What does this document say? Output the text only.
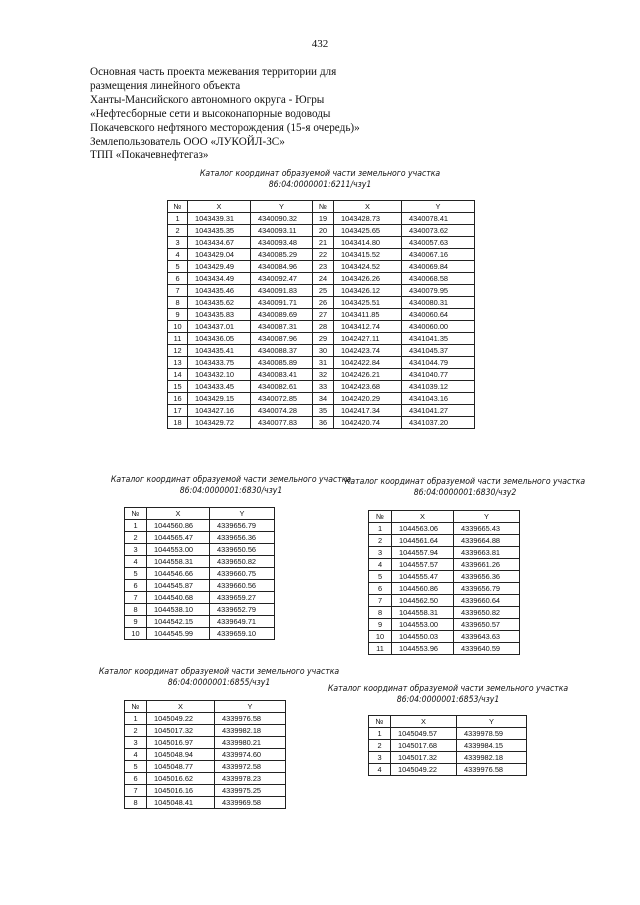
432
Основная часть проекта межевания территории для
размещения линейного объекта
Ханты-Мансийского автономного округа - Югры
«Нефтесборные сети и высоконапорные водоводы
Покачевского нефтяного месторождения (15-я очередь)»
Землепользователь ООО «ЛУКОЙЛ-ЗС»
ТПП «Покачевнефтегаз»
Каталог координат образуемой части земельного участка
86:04:0000001:6211/чзу1
№	X	Y	№	X	Y
1	1043439.31	4340090.32	19	1043428.73	4340078.41
2	1043435.35	4340093.11	20	1043425.65	4340073.62
3	1043434.67	4340093.48	21	1043414.80	4340057.63
4	1043429.04	4340085.29	22	1043415.52	4340067.16
5	1043429.49	4340084.96	23	1043424.52	4340069.84
6	1043434.49	4340092.47	24	1043426.26	4340068.58
7	1043435.46	4340091.83	25	1043426.12	4340079.95
8	1043435.62	4340091.71	26	1043425.51	4340080.31
9	1043435.83	4340089.69	27	1043411.85	4340060.64
10	1043437.01	4340087.31	28	1043412.74	4340060.00
11	1043436.05	4340087.96	29	1042427.11	4341041.35
12	1043435.41	4340088.37	30	1042423.74	4341045.37
13	1043433.75	4340085.89	31	1042422.84	4341044.79
14	1043432.10	4340083.41	32	1042426.21	4341040.77
15	1043433.45	4340082.61	33	1042423.68	4341039.12
16	1043429.15	4340072.85	34	1042420.29	4341043.16
17	1043427.16	4340074.28	35	1042417.34	4341041.27
18	1043429.72	4340077.83	36	1042420.74	4341037.20
Каталог координат образуемой части земельного участка
86:04:0000001:6830/чзу1
№	X	Y
1	1044560.86	4339656.79
2	1044565.47	4339656.36
3	1044553.00	4339650.56
4	1044558.31	4339650.82
5	1044546.66	4339660.75
6	1044545.87	4339660.56
7	1044540.68	4339659.27
8	1044538.10	4339652.79
9	1044542.15	4339649.71
10	1044545.99	4339659.10
Каталог координат образуемой части земельного участка
86:04:0000001:6830/чзу2
№	X	Y
1	1044563.06	4339665.43
2	1044561.64	4339664.88
3	1044557.94	4339663.81
4	1044557.57	4339661.26
5	1044555.47	4339656.36
6	1044560.86	4339656.79
7	1044562.50	4339660.64
8	1044558.31	4339650.82
9	1044553.00	4339650.57
10	1044550.03	4339643.63
11	1044553.96	4339640.59
Каталог координат образуемой части земельного участка
86:04:0000001:6855/чзу1
№	X	Y
1	1045049.22	4339976.58
2	1045017.32	4339982.18
3	1045016.97	4339980.21
4	1045048.94	4339974.60
5	1045048.77	4339972.58
6	1045016.62	4339978.23
7	1045016.16	4339975.25
8	1045048.41	4339969.58
Каталог координат образуемой части земельного участка
86:04:0000001:6853/чзу1
№	X	Y
1	1045049.57	4339978.59
2	1045017.68	4339984.15
3	1045017.32	4339982.18
4	1045049.22	4339976.58
